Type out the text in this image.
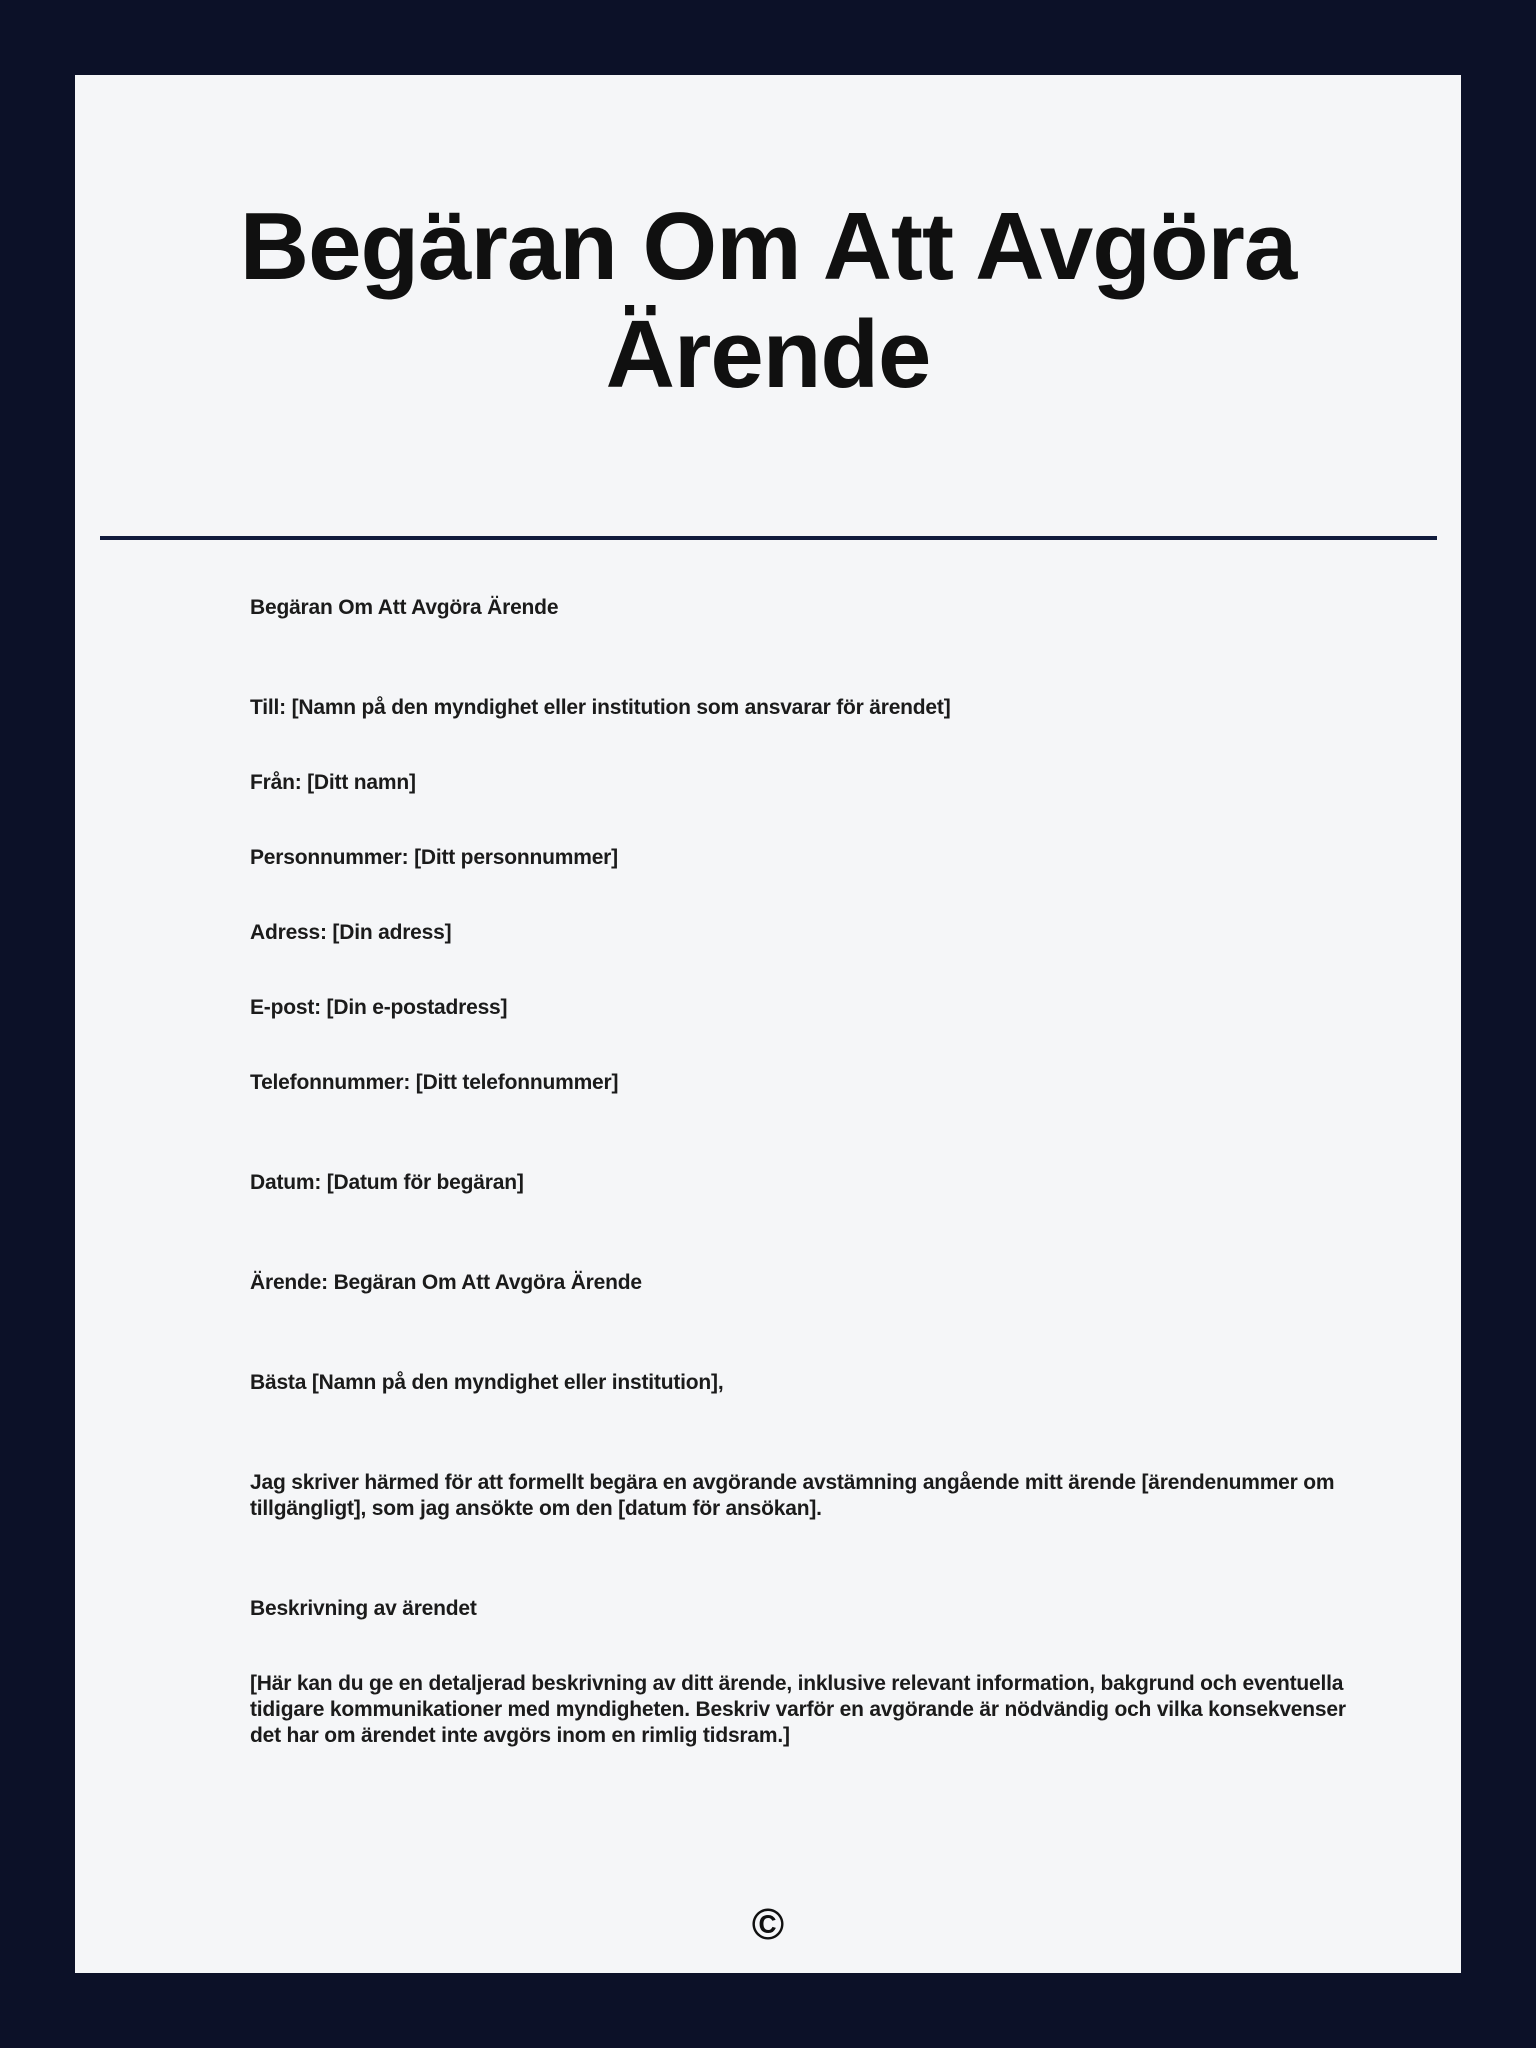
Begäran Om Att Avgöra
Ärende
Begäran Om Att Avgöra Ärende
Till: [Namn på den myndighet eller institution som ansvarar för ärendet]
Från: [Ditt namn]
Personnummer: [Ditt personnummer]
Adress: [Din adress]
E-post: [Din e-postadress]
Telefonnummer: [Ditt telefonnummer]
Datum: [Datum för begäran]
Ärende: Begäran Om Att Avgöra Ärende
Bästa [Namn på den myndighet eller institution],
Jag skriver härmed för att formellt begära en avgörande avstämning angående mitt ärende [ärendenummer om tillgängligt], som jag ansökte om den [datum för ansökan].
Beskrivning av ärendet
[Här kan du ge en detaljerad beskrivning av ditt ärende, inklusive relevant information, bakgrund och eventuella tidigare kommunikationer med myndigheten. Beskriv varför en avgörande är nödvändig och vilka konsekvenser det har om ärendet inte avgörs inom en rimlig tidsram.]
©
